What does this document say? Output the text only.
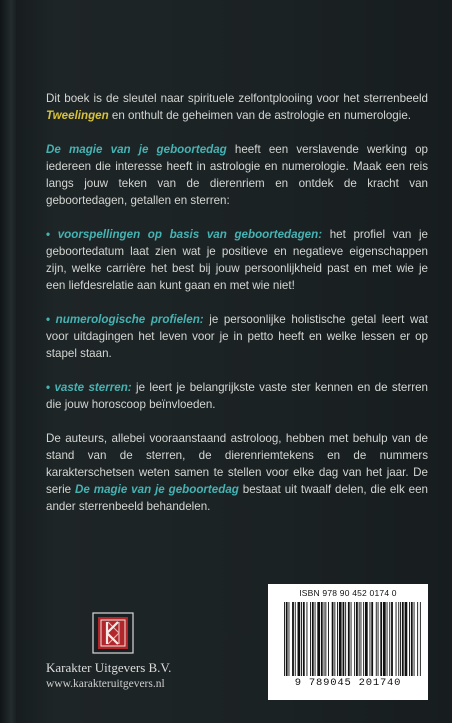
Dit boek is de sleutel naar spirituele zelfontplooiing voor het sterrenbeeld Tweelingen en onthult de geheimen van de astrologie en numerologie.

De magie van je geboortedag heeft een verslavende werking op iedereen die interesse heeft in astrologie en numerologie. Maak een reis langs jouw teken van de dierenriem en ontdek de kracht van geboortedagen, getallen en sterren:

• voorspellingen op basis van geboortedagen: het profiel van je geboortedatum laat zien wat je positieve en negatieve eigenschappen zijn, welke carrière het best bij jouw persoonlijkheid past en met wie je een liefdesrelatie aan kunt gaan en met wie niet!

• numerologische profielen: je persoonlijke holistische getal leert wat voor uitdagingen het leven voor je in petto heeft en welke lessen er op stapel staan.

• vaste sterren: je leert je belangrijkste vaste ster kennen en de sterren die jouw horoscoop beïnvloeden.

De auteurs, allebei vooraanstaand astroloog, hebben met behulp van de stand van de sterren, de dierenriemtekens en de nummers karakterschetsen weten samen te stellen voor elke dag van het jaar. De serie De magie van je geboortedag bestaat uit twaalf delen, die elk een ander sterrenbeeld behandelen.

Karakter Uitgevers B.V.
www.karakteruitgevers.nl
ISBN 978 90 452 0174 0
9 789045 201740
